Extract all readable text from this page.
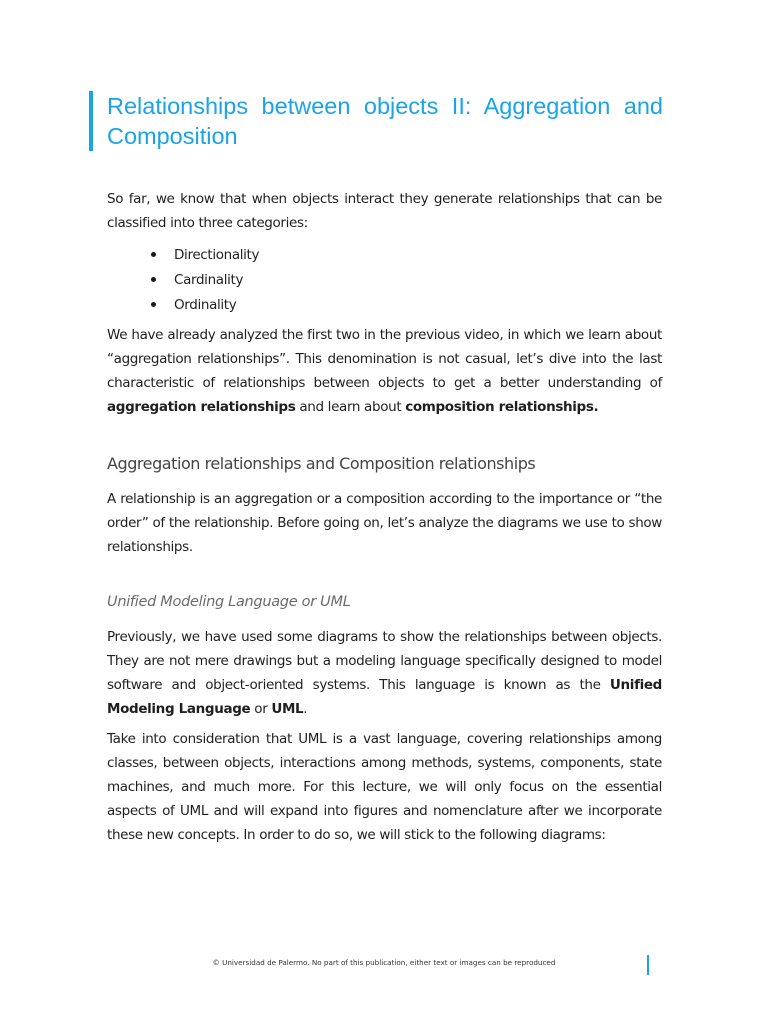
Relationships between objects II: Aggregation and Composition

So far, we know that when objects interact they generate relationships that can be classified into three categories:

Directionality
Cardinality
Ordinality

We have already analyzed the first two in the previous video, in which we learn about “aggregation relationships”. This denomination is not casual, let’s dive into the last characteristic of relationships between objects to get a better understanding of aggregation relationships and learn about composition relationships.

Aggregation relationships and Composition relationships

A relationship is an aggregation or a composition according to the importance or “the order” of the relationship. Before going on, let’s analyze the diagrams we use to show relationships.

Unified Modeling Language or UML

Previously, we have used some diagrams to show the relationships between objects. They are not mere drawings but a modeling language specifically designed to model software and object-oriented systems. This language is known as the Unified Modeling Language or UML.

Take into consideration that UML is a vast language, covering relationships among classes, between objects, interactions among methods, systems, components, state machines, and much more. For this lecture, we will only focus on the essential aspects of UML and will expand into figures and nomenclature after we incorporate these new concepts. In order to do so, we will stick to the following diagrams:

© Universidad de Palermo. No part of this publication, either text or images can be reproduced
